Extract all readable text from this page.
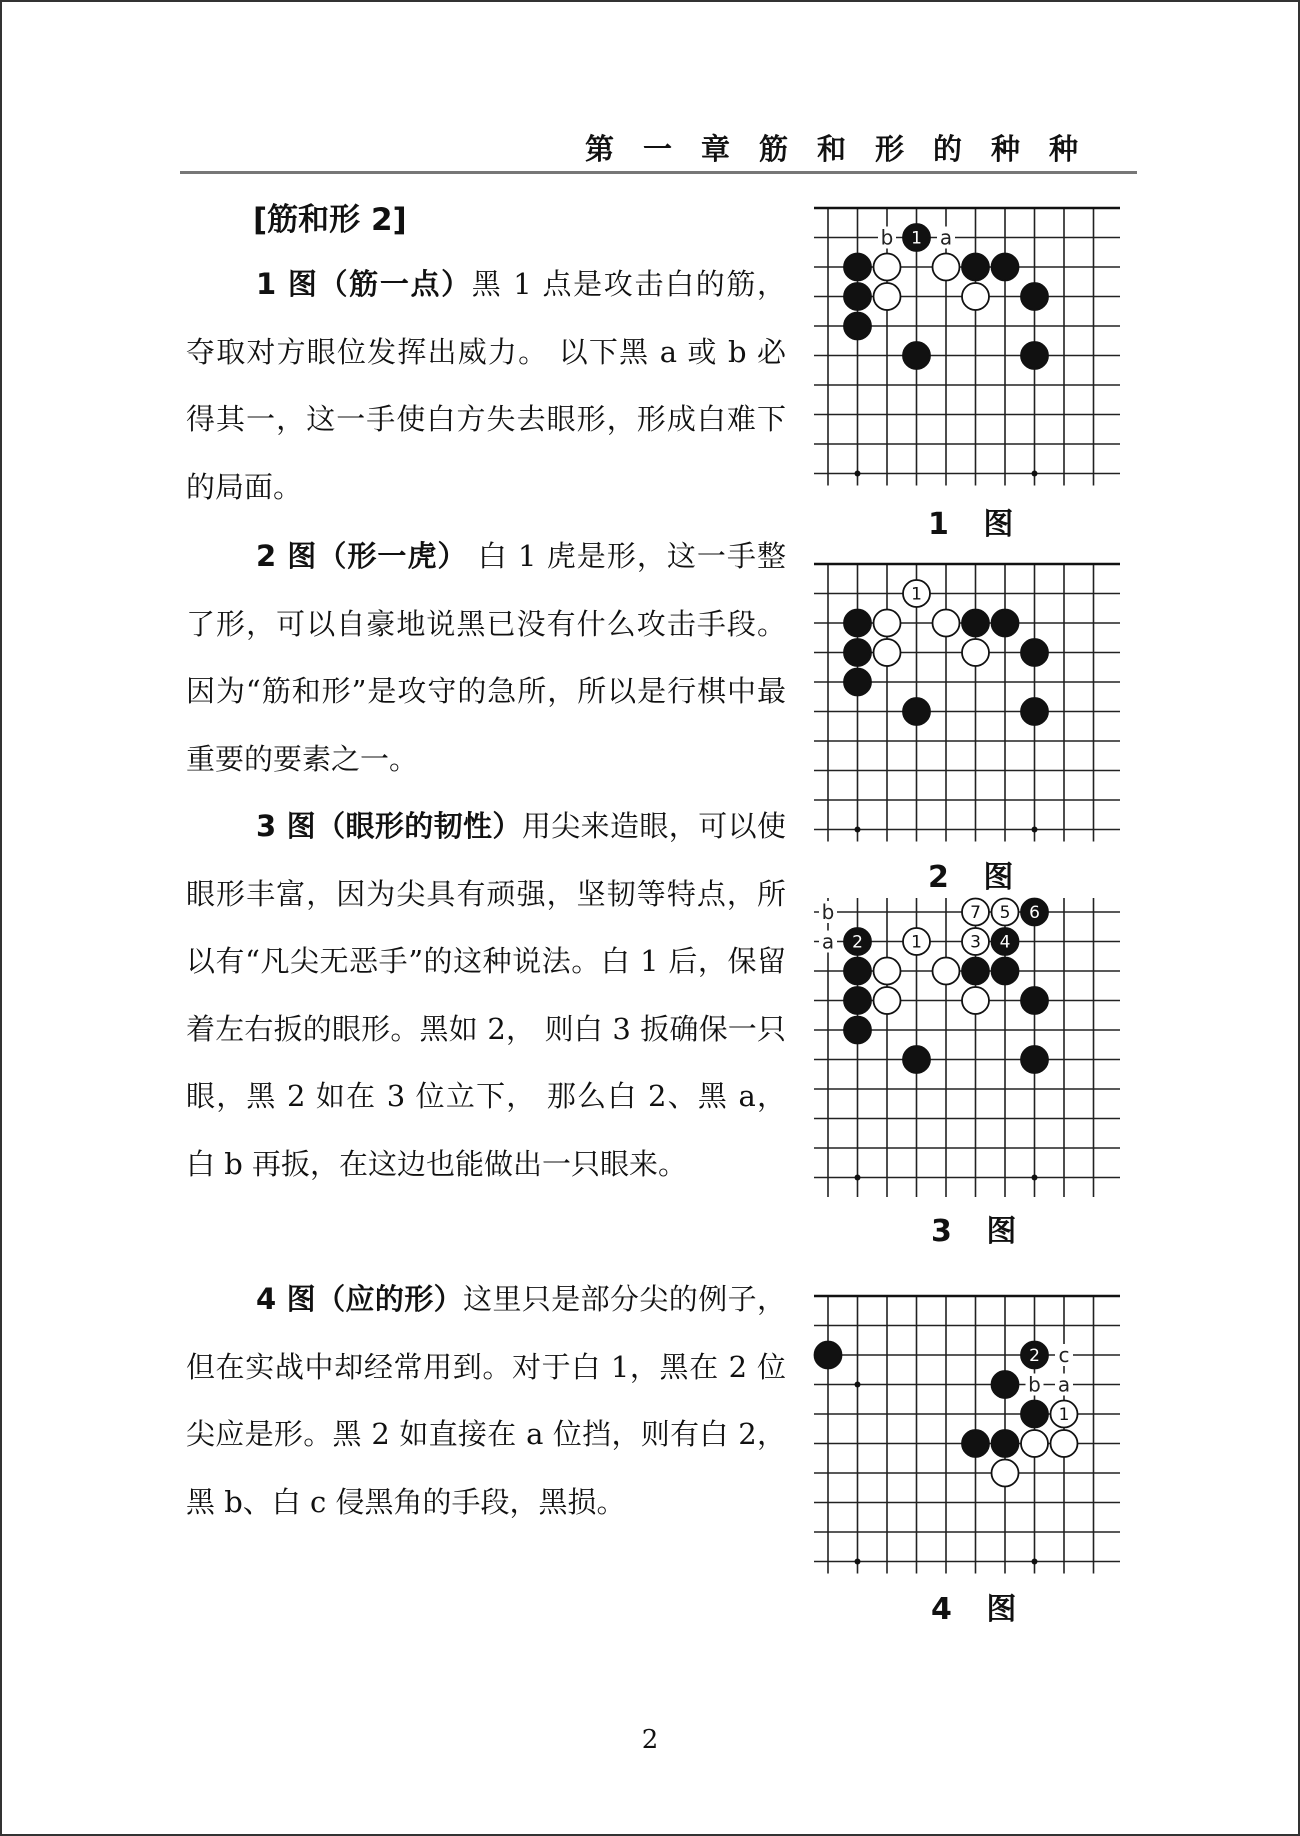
第一章筋和形的种种
[筋和形 2]

1 图（筋一点）黑 1 点是攻击白的筋，夺取对方眼位发挥出威力。 以下黑 a 或 b 必得其一，这一手使白方失去眼形，形成白难下的局面。

2 图（形一虎） 白 1 虎是形，这一手整了形，可以自豪地说黑已没有什么攻击手段。 因为“筋和形”是攻守的急所，所以是行棋中最重要的要素之一。

3 图（眼形的韧性）用尖来造眼，可以使眼形丰富，因为尖具有顽强，坚韧等特点，所以有“凡尖无恶手”的这种说法。白 1 后，保留着左右扳的眼形。黑如 2， 则白 3 扳确保一只眼，黑 2 如在 3 位立下， 那么白 2、黑 a，白 b 再扳，在这边也能做出一只眼来。

4 图（应的形）这里只是部分尖的例子，但在实战中却经常用到。对于白 1，黑在 2 位尖应是形。黑 2 如直接在 a 位挡，则有白 2，黑 b、白 c 侵黑角的手段，黑损。

b a
1
1 图
1
2 图
b
a
7 5 6
2	1	3 4
3 图
c
b a
2
1
4 图
2
